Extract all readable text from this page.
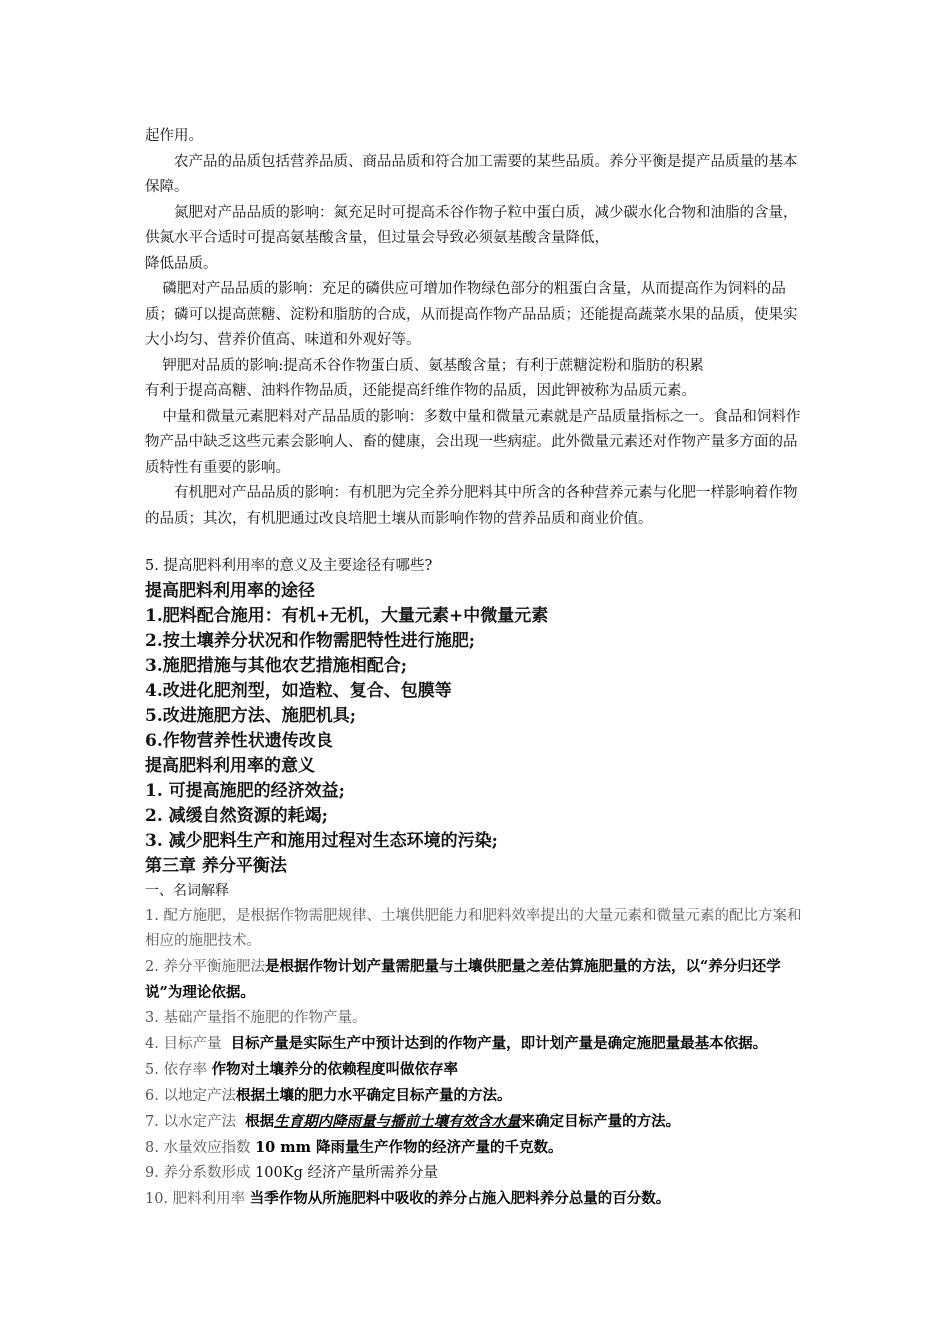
起作用。

农产品的品质包括营养品质、商品品质和符合加工需要的某些品质。养分平衡是提产品质量的基本保障。

氮肥对产品品质的影响：氮充足时可提高禾谷作物子粒中蛋白质，减少碳水化合物和油脂的含量，供氮水平合适时可提高氨基酸含量，但过量会导致必须氨基酸含量降低，

降低品质。

磷肥对产品品质的影响：充足的磷供应可增加作物绿色部分的粗蛋白含量，从而提高作为饲料的品质；磷可以提高蔗糖、淀粉和脂肪的合成，从而提高作物产品品质；还能提高蔬菜水果的品质，使果实大小均匀、营养价值高、味道和外观好等。

钾肥对品质的影响:提高禾谷作物蛋白质、氨基酸含量；有利于蔗糖淀粉和脂肪的积累

有利于提高高糖、油料作物品质，还能提高纤维作物的品质，因此钾被称为品质元素。

中量和微量元素肥料对产品品质的影响：多数中量和微量元素就是产品质量指标之一。食品和饲料作物产品中缺乏这些元素会影响人、畜的健康，会出现一些病症。此外微量元素还对作物产量多方面的品质特性有重要的影响。

有机肥对产品品质的影响：有机肥为完全养分肥料其中所含的各种营养元素与化肥一样影响着作物的品质；其次，有机肥通过改良培肥土壤从而影响作物的营养品质和商业价值。

5. 提高肥料利用率的意义及主要途径有哪些?

提高肥料利用率的途径

1.肥料配合施用：有机+无机，大量元素+中微量元素

2.按土壤养分状况和作物需肥特性进行施肥;

3.施肥措施与其他农艺措施相配合;

4.改进化肥剂型，如造粒、复合、包膜等

5.改进施肥方法、施肥机具;

6.作物营养性状遗传改良

提高肥料利用率的意义

1. 可提高施肥的经济效益;

2. 减缓自然资源的耗竭;

3. 减少肥料生产和施用过程对生态环境的污染;

第三章 养分平衡法

一、名词解释

1. 配方施肥，是根据作物需肥规律、土壤供肥能力和肥料效率提出的大量元素和微量元素的配比方案和相应的施肥技术。

2. 养分平衡施肥法是根据作物计划产量需肥量与土壤供肥量之差估算施肥量的方法，以“养分归还学说”为理论依据。

3. 基础产量指不施肥的作物产量。

4. 目标产量 目标产量是实际生产中预计达到的作物产量，即计划产量是确定施肥量最基本依据。

5. 依存率 作物对土壤养分的依赖程度叫做依存率

6. 以地定产法根据土壤的肥力水平确定目标产量的方法。

7. 以水定产法 根据生育期内降雨量与播前土壤有效含水量来确定目标产量的方法。

8. 水量效应指数 10 mm 降雨量生产作物的经济产量的千克数。

9. 养分系数形成 100Kg 经济产量所需养分量

10. 肥料利用率 当季作物从所施肥料中吸收的养分占施入肥料养分总量的百分数。
